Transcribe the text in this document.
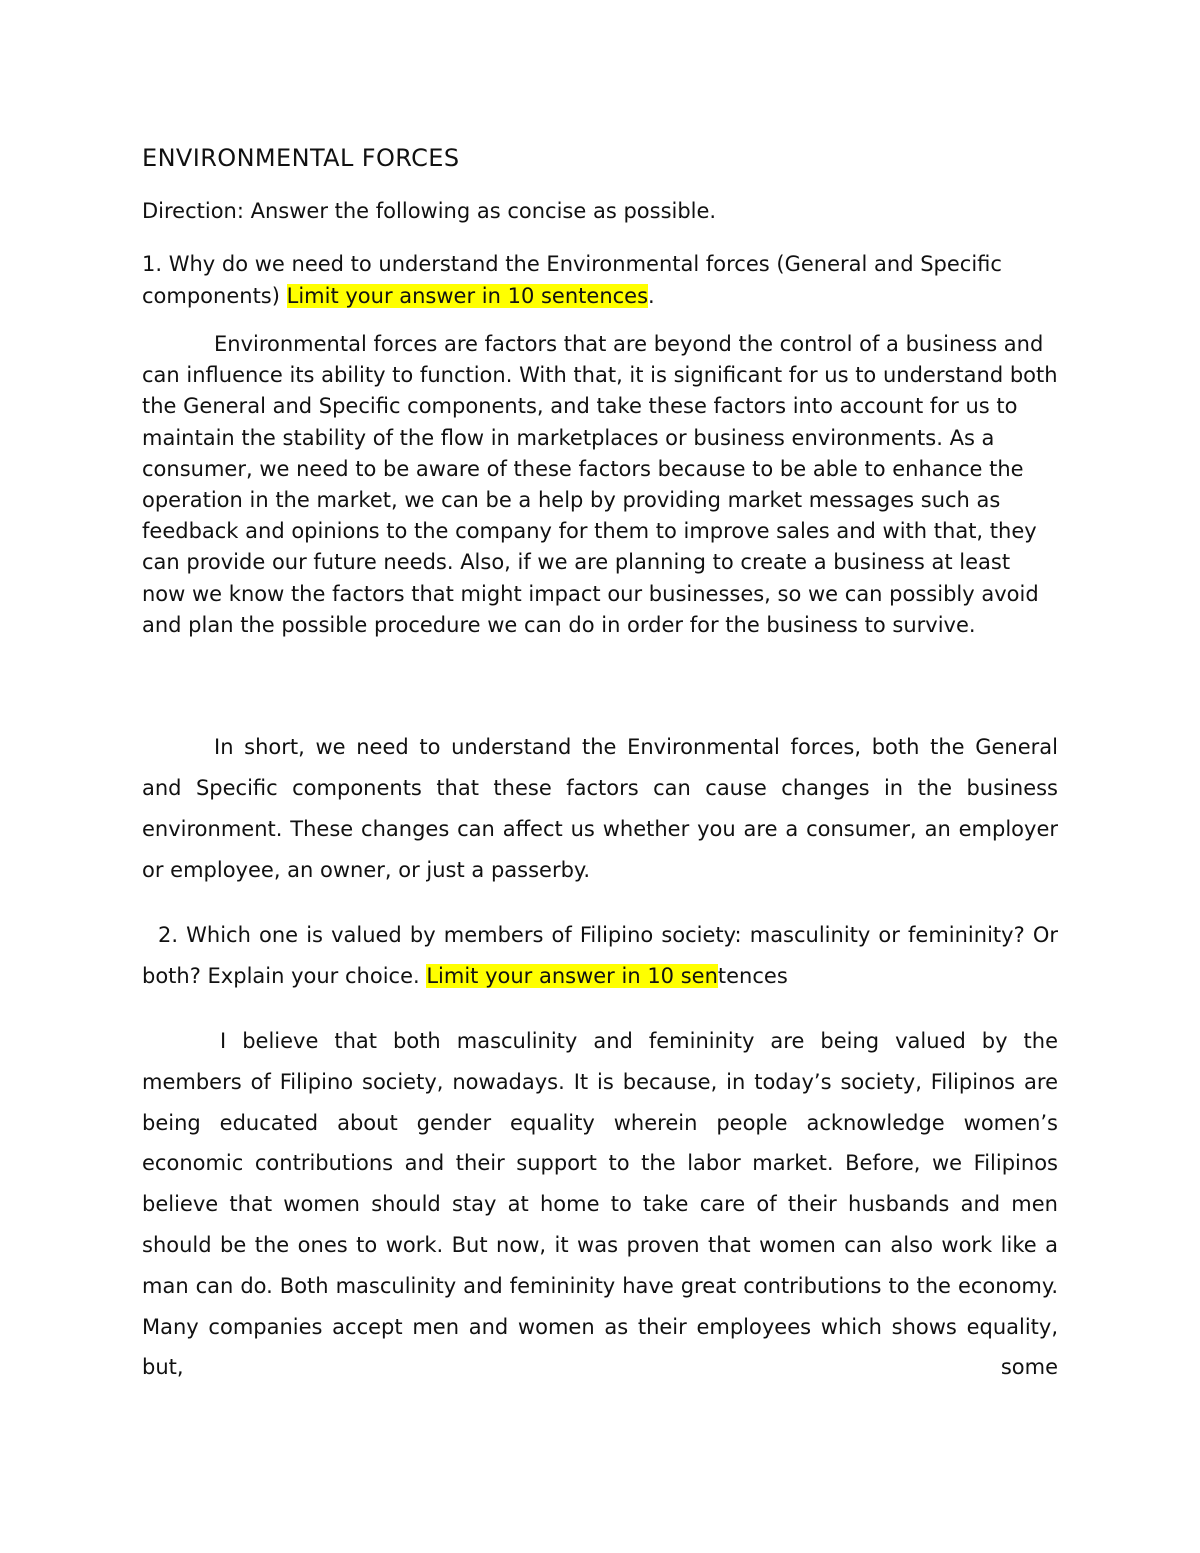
ENVIRONMENTAL FORCES
Direction: Answer the following as concise as possible.

1. Why do we need to understand the Environmental forces (General and Specific components) Limit your answer in 10 sentences.

Environmental forces are factors that are beyond the control of a business and can influence its ability to function. With that, it is significant for us to understand both the General and Specific components, and take these factors into account for us to maintain the stability of the flow in marketplaces or business environments. As a consumer, we need to be aware of these factors because to be able to enhance the operation in the market, we can be a help by providing market messages such as feedback and opinions to the company for them to improve sales and with that, they can provide our future needs. Also, if we are planning to create a business at least now we know the factors that might impact our businesses, so we can possibly avoid and plan the possible procedure we can do in order for the business to survive.

In short, we need to understand the Environmental forces, both the General and Specific components that these factors can cause changes in the business environment. These changes can affect us whether you are a consumer, an employer or employee, an owner, or just a passerby.

2. Which one is valued by members of Filipino society: masculinity or femininity? Or both? Explain your choice. Limit your answer in 10 sentences

I believe that both masculinity and femininity are being valued by the members of Filipino society, nowadays. It is because, in today’s society, Filipinos are being educated about gender equality wherein people acknowledge women’s economic contributions and their support to the labor market. Before, we Filipinos believe that women should stay at home to take care of their husbands and men should be the ones to work. But now, it was proven that women can also work like a man can do. Both masculinity and femininity have great contributions to the economy. Many companies accept men and women as their employees which shows equality, but, some
